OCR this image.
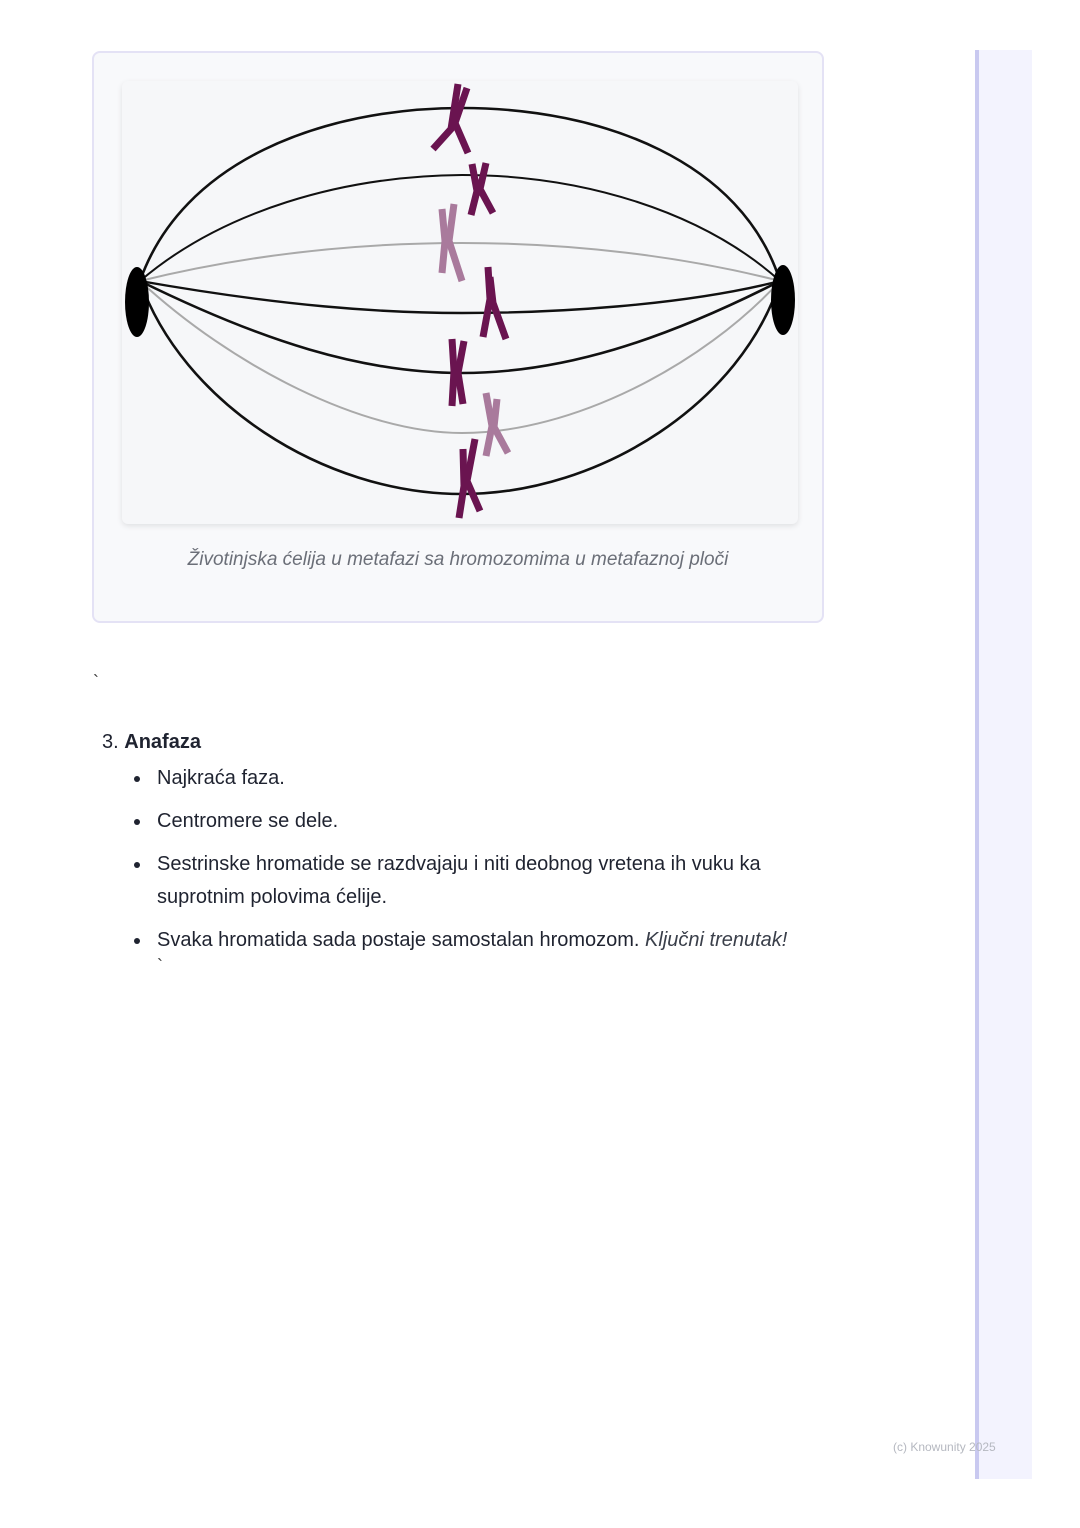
Životinjska ćelija u metafazi sa hromozomima u metafaznoj ploči
`
3. Anafaza
Najkraća faza.
Centromere se dele.
Sestrinske hromatide se razdvajaju i niti deobnog vretena ih vuku ka suprotnim polovima ćelije.
Svaka hromatida sada postaje samostalan hromozom. Ključni trenutak!
`
(c) Knowunity 2025
